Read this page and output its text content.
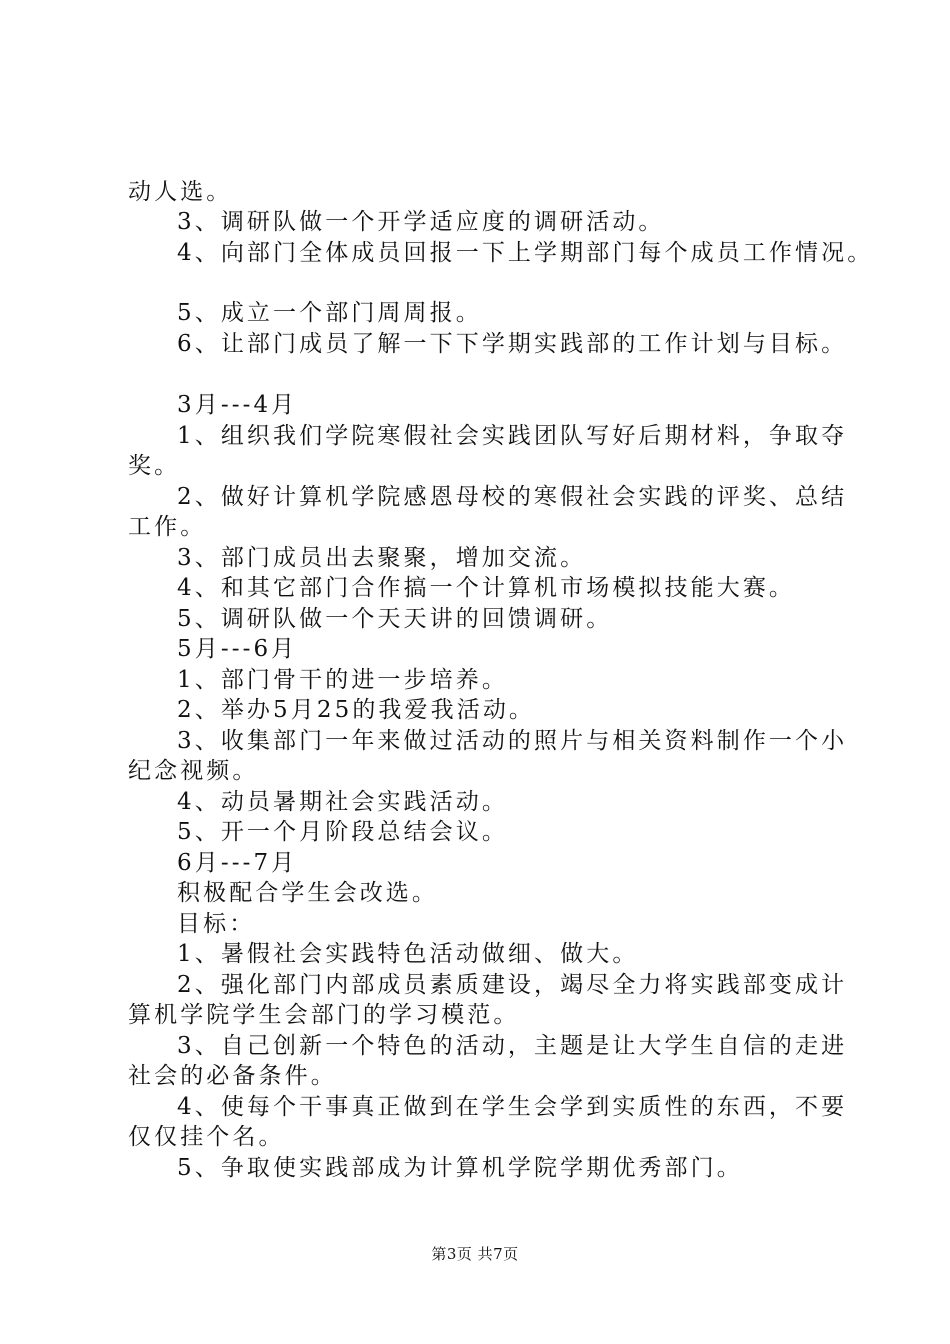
动人选。
3、调研队做一个开学适应度的调研活动。
4、向部门全体成员回报一下上学期部门每个成员工作情况。
5、成立一个部门周周报。
6、让部门成员了解一下下学期实践部的工作计划与目标。
3月---4月
1、组织我们学院寒假社会实践团队写好后期材料，争取夺
奖。
2、做好计算机学院感恩母校的寒假社会实践的评奖、总结
工作。
3、部门成员出去聚聚，增加交流。
4、和其它部门合作搞一个计算机市场模拟技能大赛。
5、调研队做一个天天讲的回馈调研。
5月---6月
1、部门骨干的进一步培养。
2、举办5月25的我爱我活动。
3、收集部门一年来做过活动的照片与相关资料制作一个小
纪念视频。
4、动员暑期社会实践活动。
5、开一个月阶段总结会议。
6月---7月
积极配合学生会改选。
目标：
1、暑假社会实践特色活动做细、做大。
2、强化部门内部成员素质建设，竭尽全力将实践部变成计
算机学院学生会部门的学习模范。
3、自己创新一个特色的活动，主题是让大学生自信的走进
社会的必备条件。
4、使每个干事真正做到在学生会学到实质性的东西，不要
仅仅挂个名。
5、争取使实践部成为计算机学院学期优秀部门。
第3页 共7页
